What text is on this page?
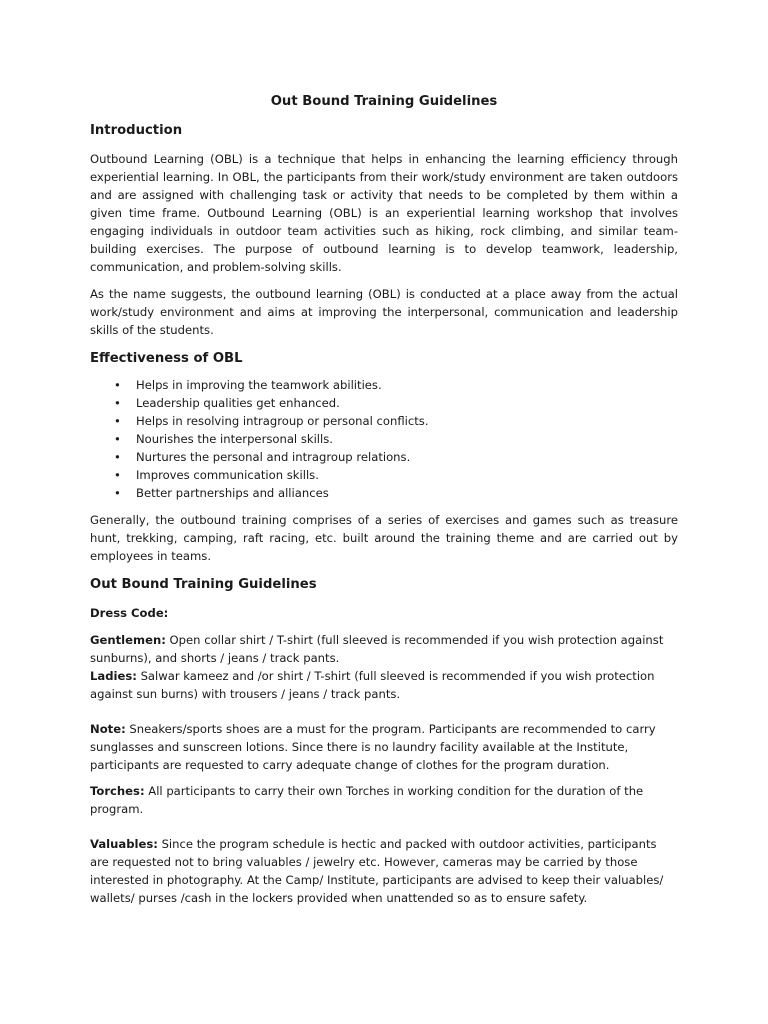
Out Bound Training Guidelines
Introduction

Outbound Learning (OBL) is a technique that helps in enhancing the learning efficiency through experiential learning. In OBL, the participants from their work/study environment are taken outdoors and are assigned with challenging task or activity that needs to be completed by them within a given time frame. Outbound Learning (OBL) is an experiential learning workshop that involves engaging individuals in outdoor team activities such as hiking, rock climbing, and similar team-building exercises. The purpose of outbound learning is to develop teamwork, leadership, communication, and problem-solving skills.

As the name suggests, the outbound learning (OBL) is conducted at a place away from the actual work/study environment and aims at improving the interpersonal, communication and leadership skills of the students.

Effectiveness of OBL
• Helps in improving the teamwork abilities.
• Leadership qualities get enhanced.
• Helps in resolving intragroup or personal conflicts.
• Nourishes the interpersonal skills.
• Nurtures the personal and intragroup relations.
• Improves communication skills.
• Better partnerships and alliances

Generally, the outbound training comprises of a series of exercises and games such as treasure hunt, trekking, camping, raft racing, etc. built around the training theme and are carried out by employees in teams.

Out Bound Training Guidelines

Dress Code:

Gentlemen: Open collar shirt / T-shirt (full sleeved is recommended if you wish protection against sunburns), and shorts / jeans / track pants.

Ladies: Salwar kameez and /or shirt / T-shirt (full sleeved is recommended if you wish protection against sun burns) with trousers / jeans / track pants.

Note: Sneakers/sports shoes are a must for the program. Participants are recommended to carry sunglasses and sunscreen lotions. Since there is no laundry facility available at the Institute, participants are requested to carry adequate change of clothes for the program duration.

Torches: All participants to carry their own Torches in working condition for the duration of the program.

Valuables: Since the program schedule is hectic and packed with outdoor activities, participants are requested not to bring valuables / jewelry etc. However, cameras may be carried by those interested in photography. At the Camp/ Institute, participants are advised to keep their valuables/ wallets/ purses /cash in the lockers provided when unattended so as to ensure safety.
